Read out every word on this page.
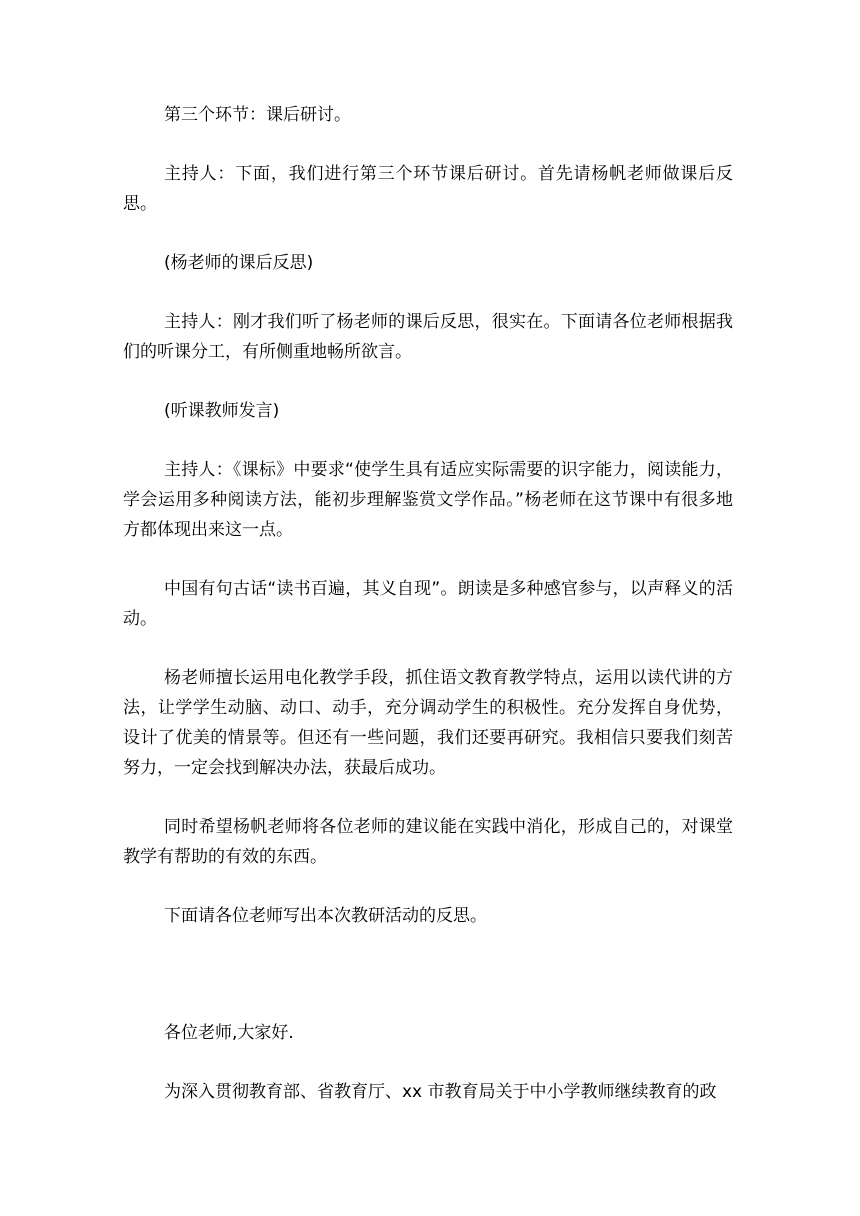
第三个环节：课后研讨。

主持人：下面，我们进行第三个环节课后研讨。首先请杨帆老师做课后反思。

(杨老师的课后反思)

主持人：刚才我们听了杨老师的课后反思，很实在。下面请各位老师根据我们的听课分工，有所侧重地畅所欲言。

(听课教师发言)

主持人：《课标》中要求“使学生具有适应实际需要的识字能力，阅读能力，学会运用多种阅读方法，能初步理解鉴赏文学作品。”杨老师在这节课中有很多地方都体现出来这一点。

中国有句古话“读书百遍，其义自现”。朗读是多种感官参与，以声释义的活动。

杨老师擅长运用电化教学手段，抓住语文教育教学特点，运用以读代讲的方法，让学学生动脑、动口、动手，充分调动学生的积极性。充分发挥自身优势，设计了优美的情景等。但还有一些问题，我们还要再研究。我相信只要我们刻苦努力，一定会找到解决办法，获最后成功。

同时希望杨帆老师将各位老师的建议能在实践中消化，形成自己的，对课堂教学有帮助的有效的东西。

下面请各位老师写出本次教研活动的反思。

各位老师,大家好.

为深入贯彻教育部、省教育厅、xx 市教育局关于中小学教师继续教育的政
